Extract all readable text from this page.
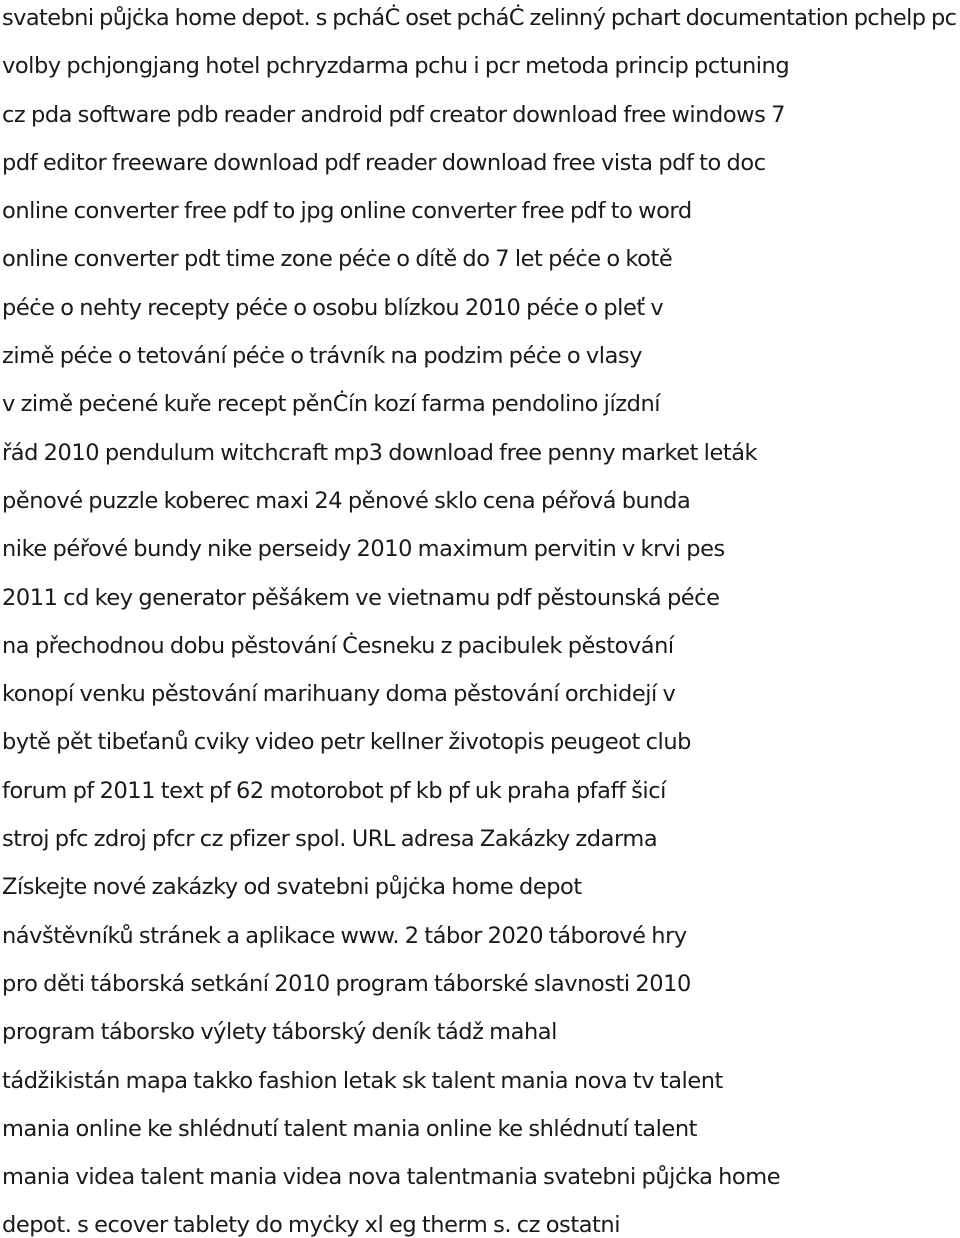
svatebni půjċka home depot. s pcháĊ oset pcháĊ zelinný pchart documentation pchelp pc
volby pchjongjang hotel pchryzdarma pchu i pcr metoda princip pctuning
cz pda software pdb reader android pdf creator download free windows 7
pdf editor freeware download pdf reader download free vista pdf to doc
online converter free pdf to jpg online converter free pdf to word
online converter pdt time zone péċe o dítě do 7 let péċe o kotě
péċe o nehty recepty péċe o osobu blízkou 2010 péċe o pleť v
zimě péċe o tetování péċe o trávník na podzim péċe o vlasy
v zimě peċené kuře recept pěnĊín kozí farma pendolino jízdní
řád 2010 pendulum witchcraft mp3 download free penny market leták
pěnové puzzle koberec maxi 24 pěnové sklo cena péřová bunda
nike péřové bundy nike perseidy 2010 maximum pervitin v krvi pes
2011 cd key generator pěšákem ve vietnamu pdf pěstounská péċe
na přechodnou dobu pěstování Ċesneku z pacibulek pěstování
konopí venku pěstování marihuany doma pěstování orchidejí v
bytě pět tibeťanů cviky video petr kellner životopis peugeot club
forum pf 2011 text pf 62 motorobot pf kb pf uk praha pfaff šicí
stroj pfc zdroj pfcr cz pfizer spol. URL adresa Zakázky zdarma
Získejte nové zakázky od svatebni půjċka home depot
návštěvníků stránek a aplikace www. 2 tábor 2020 táborové hry
pro děti táborská setkání 2010 program táborské slavnosti 2010
program táborsko výlety táborský deník tádž mahal
tádžikistán mapa takko fashion letak sk talent mania nova tv talent
mania online ke shlédnutí talent mania online ke shlédnutí talent
mania videa talent mania videa nova talentmania svatebni půjċka home
depot. s ecover tablety do myċky xl eg therm s. cz ostatni
